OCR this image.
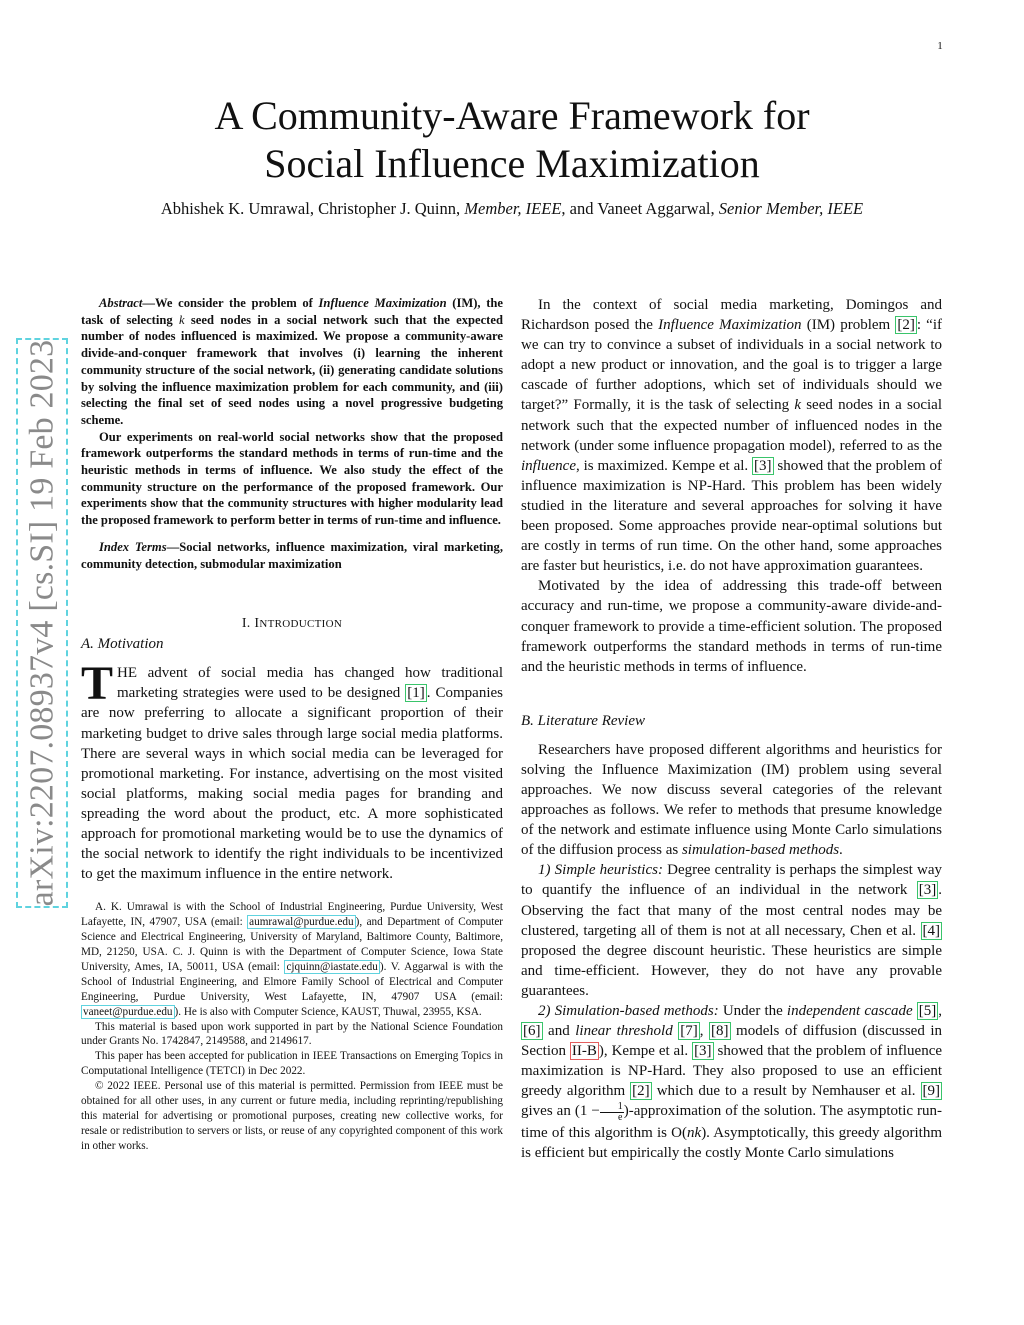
1
arXiv:2207.08937v4 [cs.SI] 19 Feb 2023
A Community-Aware Framework for
Social Influence Maximization
Abhishek K. Umrawal, Christopher J. Quinn, Member, IEEE, and Vaneet Aggarwal, Senior Member, IEEE

Abstract—We consider the problem of Influence Maximization (IM), the task of selecting k seed nodes in a social network such that the expected number of nodes influenced is maximized. We propose a community-aware divide-and-conquer framework that involves (i) learning the inherent community structure of the social network, (ii) generating candidate solutions by solving the influence maximization problem for each community, and (iii) selecting the final set of seed nodes using a novel progressive budgeting scheme.

Our experiments on real-world social networks show that the proposed framework outperforms the standard methods in terms of run-time and the heuristic methods in terms of influence. We also study the effect of the community structure on the performance of the proposed framework. Our experiments show that the community structures with higher modularity lead the proposed framework to perform better in terms of run-time and influence.

Index Terms—Social networks, influence maximization, viral marketing, community detection, submodular maximization

I. INTRODUCTION
A. Motivation

THE advent of social media has changed how traditional marketing strategies were used to be designed [1] . Companies are now preferring to allocate a significant proportion of their marketing budget to drive sales through large social media platforms. There are several ways in which social media can be leveraged for promotional marketing. For instance, advertising on the most visited social platforms, making social media pages for branding and spreading the word about the product, etc. A more sophisticated approach for promotional marketing would be to use the dynamics of the social network to identify the right individuals to be incentivized to get the maximum influence in the entire network.

A. K. Umrawal is with the School of Industrial Engineering, Purdue University, West Lafayette, IN, 47907, USA (email: aumrawal@purdue.edu ), and Department of Computer Science and Electrical Engineering, University of Maryland, Baltimore County, Baltimore, MD, 21250, USA. C. J. Quinn is with the Department of Computer Science, Iowa State University, Ames, IA, 50011, USA (email: cjquinn@iastate.edu ). V. Aggarwal is with the School of Industrial Engineering, and Elmore Family School of Electrical and Computer Engineering, Purdue University, West Lafayette, IN, 47907 USA (email: vaneet@purdue.edu ). He is also with Computer Science, KAUST, Thuwal, 23955, KSA.

This material is based upon work supported in part by the National Science Foundation under Grants No. 1742847, 2149588, and 2149617.

This paper has been accepted for publication in IEEE Transactions on Emerging Topics in Computational Intelligence (TETCI) in Dec 2022.

© 2022 IEEE. Personal use of this material is permitted. Permission from IEEE must be obtained for all other uses, in any current or future media, including reprinting/republishing this material for advertising or promotional purposes, creating new collective works, for resale or redistribution to servers or lists, or reuse of any copyrighted component of this work in other works.

In the context of social media marketing, Domingos and Richardson posed the Influence Maximization (IM) problem [2] : “if we can try to convince a subset of individuals in a social network to adopt a new product or innovation, and the goal is to trigger a large cascade of further adoptions, which set of individuals should we target?” Formally, it is the task of selecting k seed nodes in a social network such that the expected number of influenced nodes in the network (under some influence propagation model), referred to as the influence, is maximized. Kempe et al. [3] showed that the problem of influence maximization is NP-Hard. This problem has been widely studied in the literature and several approaches for solving it have been proposed. Some approaches provide near-optimal solutions but are costly in terms of run time. On the other hand, some approaches are faster but heuristics, i.e. do not have approximation guarantees.

Motivated by the idea of addressing this trade-off between accuracy and run-time, we propose a community-aware divide-and-conquer framework to provide a time-efficient solution. The proposed framework outperforms the standard methods in terms of run-time and the heuristic methods in terms of influence.

B. Literature Review

Researchers have proposed different algorithms and heuristics for solving the Influence Maximization (IM) problem using several approaches. We now discuss several categories of the relevant approaches as follows. We refer to methods that presume knowledge of the network and estimate influence using Monte Carlo simulations of the diffusion process as simulation-based methods.

1) Simple heuristics: Degree centrality is perhaps the simplest way to quantify the influence of an individual in the network [3] . Observing the fact that many of the most central nodes may be clustered, targeting all of them is not at all necessary, Chen et al. [4] proposed the degree discount heuristic. These heuristics are simple and time-efficient. However, they do not have any provable guarantees.

2) Simulation-based methods: Under the independent cascade [5] , [6] and linear threshold [7] , [8] models of diffusion (discussed in Section II-B ), Kempe et al. [3] showed that the problem of influence maximization is NP-Hard. They also proposed to use an efficient greedy algorithm [2] which due to a result by Nemhauser et al. [9] gives an ($1 - \frac{1}{e}$ )-approximation of the solution. The asymptotic run-time of this algorithm is O(nk). Asymptotically, this greedy algorithm is efficient but empirically the costly Monte Carlo simulations
